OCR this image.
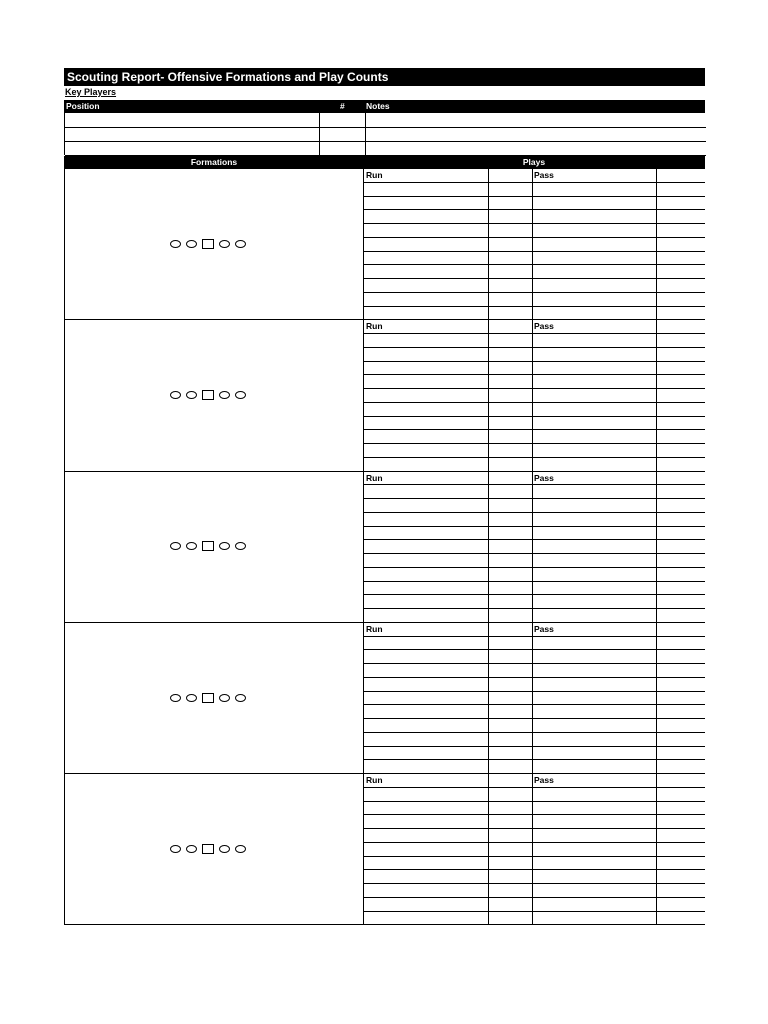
Scouting Report- Offensive Formations and Play Counts
Key Players
Position	#	Notes
Formations	Plays
Run	Pass
Run	Pass
Run	Pass
Run	Pass
Run	Pass
